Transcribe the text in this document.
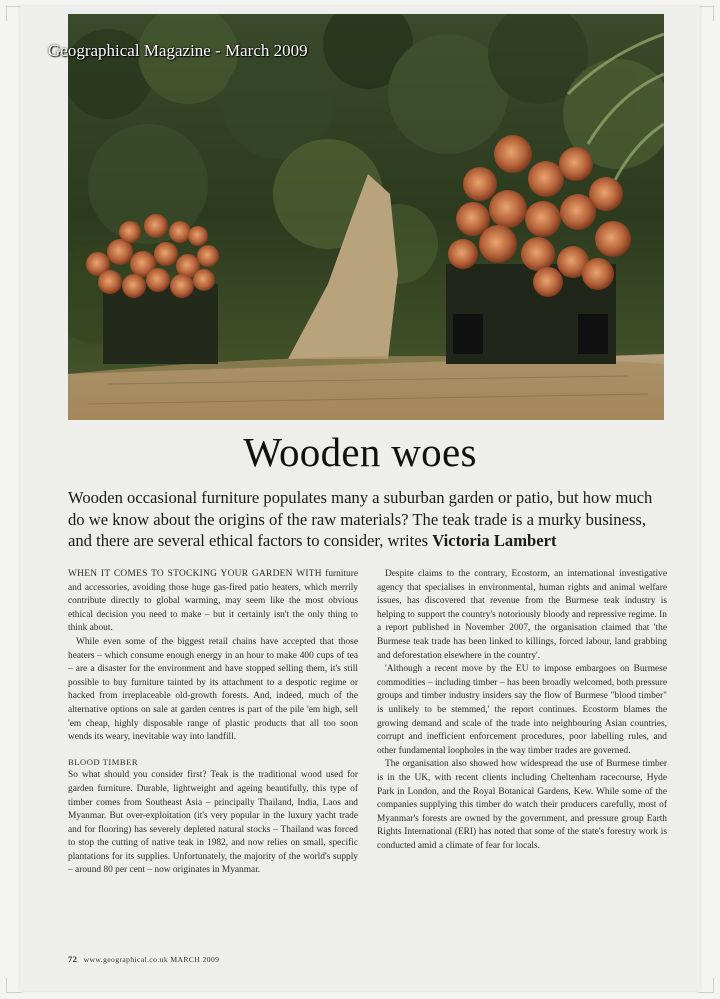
Geographical Magazine - March 2009
Wooden woes
Wooden occasional furniture populates many a suburban garden or patio, but how much do we know about the origins of the raw materials? The teak trade is a murky business, and there are several ethical factors to consider, writes Victoria Lambert

WHEN IT COMES TO STOCKING YOUR GARDEN WITH furniture and accessories, avoiding those huge gas-fired patio heaters, which merrily contribute directly to global warming, may seem like the most obvious ethical decision you need to make – but it certainly isn't the only thing to think about.

While even some of the biggest retail chains have accepted that those heaters – which consume enough energy in an hour to make 400 cups of tea – are a disaster for the environment and have stopped selling them, it's still possible to buy furniture tainted by its attachment to a despotic regime or hacked from irreplaceable old-growth forests. And, indeed, much of the alternative options on sale at garden centres is part of the pile 'em high, sell 'em cheap, highly disposable range of plastic products that all too soon wends its weary, inevitable way into landfill.

BLOOD TIMBER

So what should you consider first? Teak is the traditional wood used for garden furniture. Durable, lightweight and ageing beautifully, this type of timber comes from Southeast Asia – principally Thailand, India, Laos and Myanmar. But over-exploitation (it's very popular in the luxury yacht trade and for flooring) has severely depleted natural stocks – Thailand was forced to stop the cutting of native teak in 1982, and now relies on small, specific plantations for its supplies. Unfortunately, the majority of the world's supply – around 80 per cent – now originates in Myanmar.

Despite claims to the contrary, Ecostorm, an international investigative agency that specialises in environmental, human rights and animal welfare issues, has discovered that revenue from the Burmese teak industry is helping to support the country's notoriously bloody and repressive regime. In a report published in November 2007, the organisation claimed that 'the Burmese teak trade has been linked to killings, forced labour, land grabbing and deforestation elsewhere in the country'.

'Although a recent move by the EU to impose embargoes on Burmese commodities – including timber – has been broadly welcomed, both pressure groups and timber industry insiders say the flow of Burmese "blood timber" is unlikely to be stemmed,' the report continues. Ecostorm blames the growing demand and scale of the trade into neighbouring Asian countries, corrupt and inefficient enforcement procedures, poor labelling rules, and other fundamental loopholes in the way timber trades are governed.

The organisation also showed how widespread the use of Burmese timber is in the UK, with recent clients including Cheltenham racecourse, Hyde Park in London, and the Royal Botanical Gardens, Kew. While some of the companies supplying this timber do watch their producers carefully, most of Myanmar's forests are owned by the government, and pressure group Earth Rights International (ERI) has noted that some of the state's forestry work is conducted amid a climate of fear for locals.

72 www.geographical.co.uk MARCH 2009
